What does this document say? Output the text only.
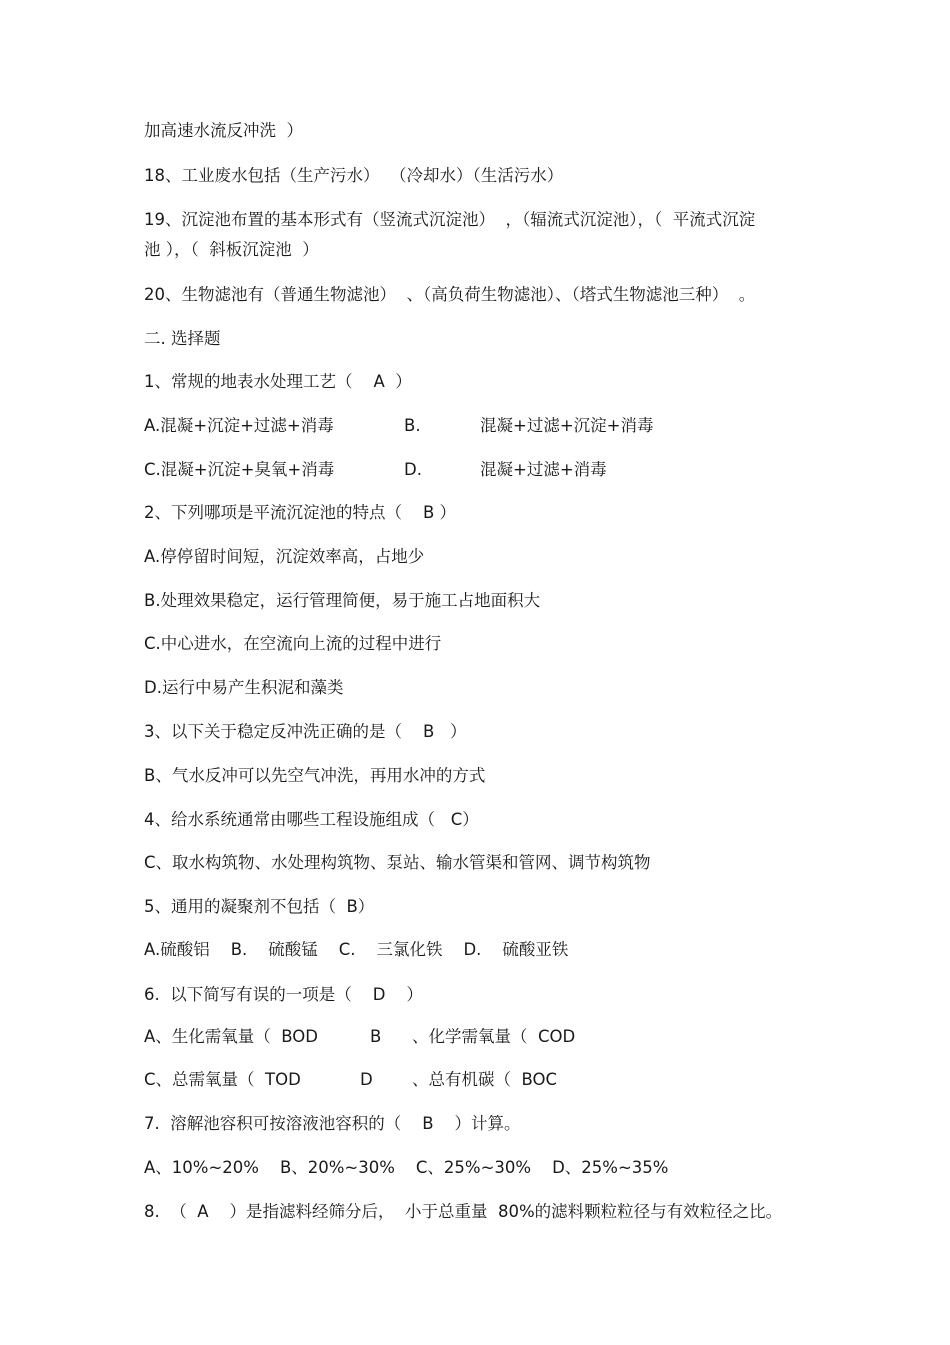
加高速水流反冲洗  ）
18、工业废水包括（生产污水）  （冷却水）（生活污水）
19、沉淀池布置的基本形式有（竖流式沉淀池）  ，（辐流式沉淀池），（  平流式沉淀
池 ），（  斜板沉淀池  ）
20、生物滤池有（普通生物滤池）  、（高负荷生物滤池）、（塔式生物滤池三种）  。
二. 选择题
1、常规的地表水处理工艺（    A  ）
A.混凝+沉淀+过滤+消毒	B.	混凝+过滤+沉淀+消毒
C.混凝+沉淀+臭氧+消毒	D.	混凝+过滤+消毒
2、下列哪项是平流沉淀池的特点（    B ）
A.停停留时间短，沉淀效率高，占地少
B.处理效果稳定，运行管理简便，易于施工占地面积大
C.中心进水，在空流向上流的过程中进行
D.运行中易产生积泥和藻类
3、以下关于稳定反冲洗正确的是（    B   ）
B、气水反冲可以先空气冲洗，再用水冲的方式
4、给水系统通常由哪些工程设施组成（   C）
C、取水构筑物、水处理构筑物、泵站、输水管渠和管网、调节构筑物
5、通用的凝聚剂不包括（  B）
A.硫酸铝    B.    硫酸锰    C.    三氯化铁    D.    硫酸亚铁
6.  以下简写有误的一项是（    D    ）
A、生化需氧量（  BOD	B 、化学需氧量（  COD
C、总需氧量（  TOD	D 、总有机碳（  BOC
7.  溶解池容积可按溶液池容积的（    B    ）计算。
A、10%~20%    B、20%~30%    C、25%~30%    D、25%~35%
8.  （  A    ）是指滤料经筛分后，  小于总重量  80%的滤料颗粒粒径与有效粒径之比。
